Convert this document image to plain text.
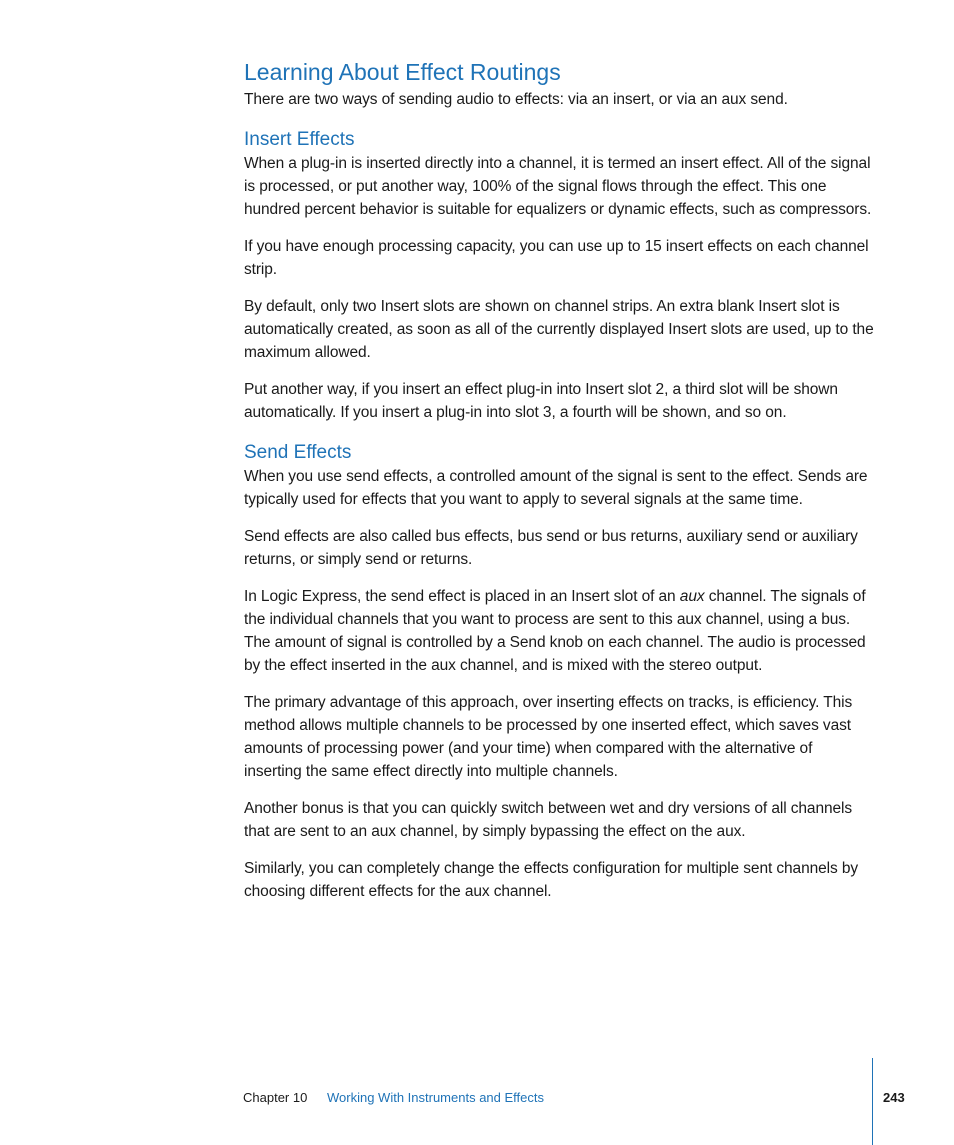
Learning About Effect Routings

There are two ways of sending audio to effects: via an insert, or via an aux send.

Insert Effects

When a plug-in is inserted directly into a channel, it is termed an insert effect. All of the signal is processed, or put another way, 100% of the signal flows through the effect. This one hundred percent behavior is suitable for equalizers or dynamic effects, such as compressors.

If you have enough processing capacity, you can use up to 15 insert effects on each channel strip.

By default, only two Insert slots are shown on channel strips. An extra blank Insert slot is automatically created, as soon as all of the currently displayed Insert slots are used, up to the maximum allowed.

Put another way, if you insert an effect plug-in into Insert slot 2, a third slot will be shown automatically. If you insert a plug-in into slot 3, a fourth will be shown, and so on.

Send Effects

When you use send effects, a controlled amount of the signal is sent to the effect. Sends are typically used for effects that you want to apply to several signals at the same time.

Send effects are also called bus effects, bus send or bus returns, auxiliary send or auxiliary returns, or simply send or returns.

In Logic Express, the send effect is placed in an Insert slot of an aux channel. The signals of the individual channels that you want to process are sent to this aux channel, using a bus. The amount of signal is controlled by a Send knob on each channel. The audio is processed by the effect inserted in the aux channel, and is mixed with the stereo output.

The primary advantage of this approach, over inserting effects on tracks, is efficiency. This method allows multiple channels to be processed by one inserted effect, which saves vast amounts of processing power (and your time) when compared with the alternative of inserting the same effect directly into multiple channels.

Another bonus is that you can quickly switch between wet and dry versions of all channels that are sent to an aux channel, by simply bypassing the effect on the aux.

Similarly, you can completely change the effects configuration for multiple sent channels by choosing different effects for the aux channel.

Chapter 10 Working With Instruments and Effects	243
